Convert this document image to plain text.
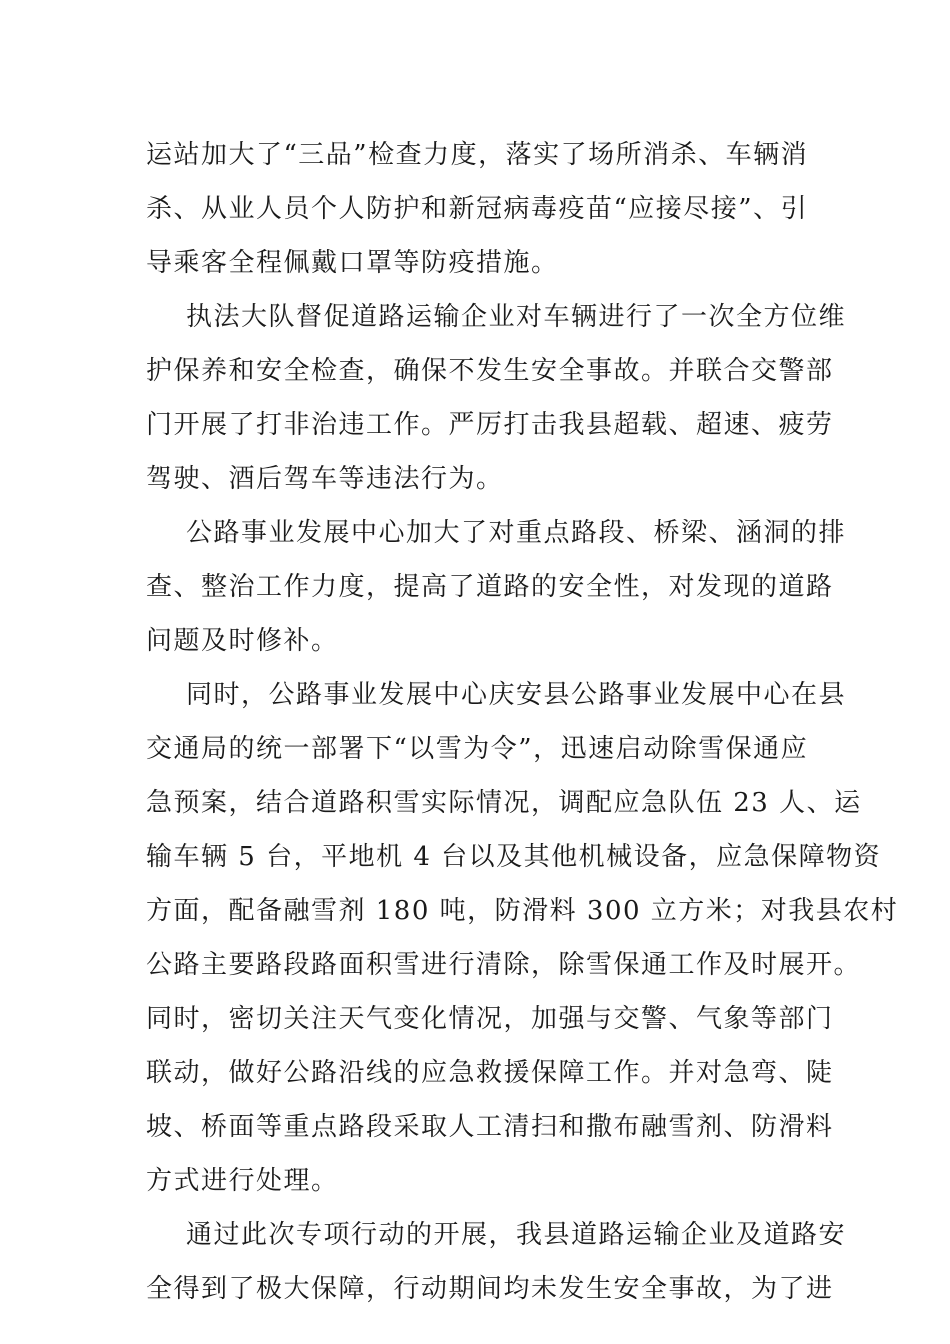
运站加大了“三品”检查力度，落实了场所消杀、车辆消
杀、从业人员个人防护和新冠病毒疫苗“应接尽接”、引
导乘客全程佩戴口罩等防疫措施。
执法大队督促道路运输企业对车辆进行了一次全方位维
护保养和安全检查，确保不发生安全事故。并联合交警部
门开展了打非治违工作。严厉打击我县超载、超速、疲劳
驾驶、酒后驾车等违法行为。
公路事业发展中心加大了对重点路段、桥梁、涵洞的排
查、整治工作力度，提高了道路的安全性，对发现的道路
问题及时修补。
同时，公路事业发展中心庆安县公路事业发展中心在县
交通局的统一部署下“以雪为令”，迅速启动除雪保通应
急预案，结合道路积雪实际情况，调配应急队伍 23 人、运
输车辆 5 台，平地机 4 台以及其他机械设备，应急保障物资
方面，配备融雪剂 180 吨，防滑料 300 立方米；对我县农村
公路主要路段路面积雪进行清除，除雪保通工作及时展开。
同时，密切关注天气变化情况，加强与交警、气象等部门
联动，做好公路沿线的应急救援保障工作。并对急弯、陡
坡、桥面等重点路段采取人工清扫和撒布融雪剂、防滑料
方式进行处理。
通过此次专项行动的开展，我县道路运输企业及道路安
全得到了极大保障，行动期间均未发生安全事故，为了进
